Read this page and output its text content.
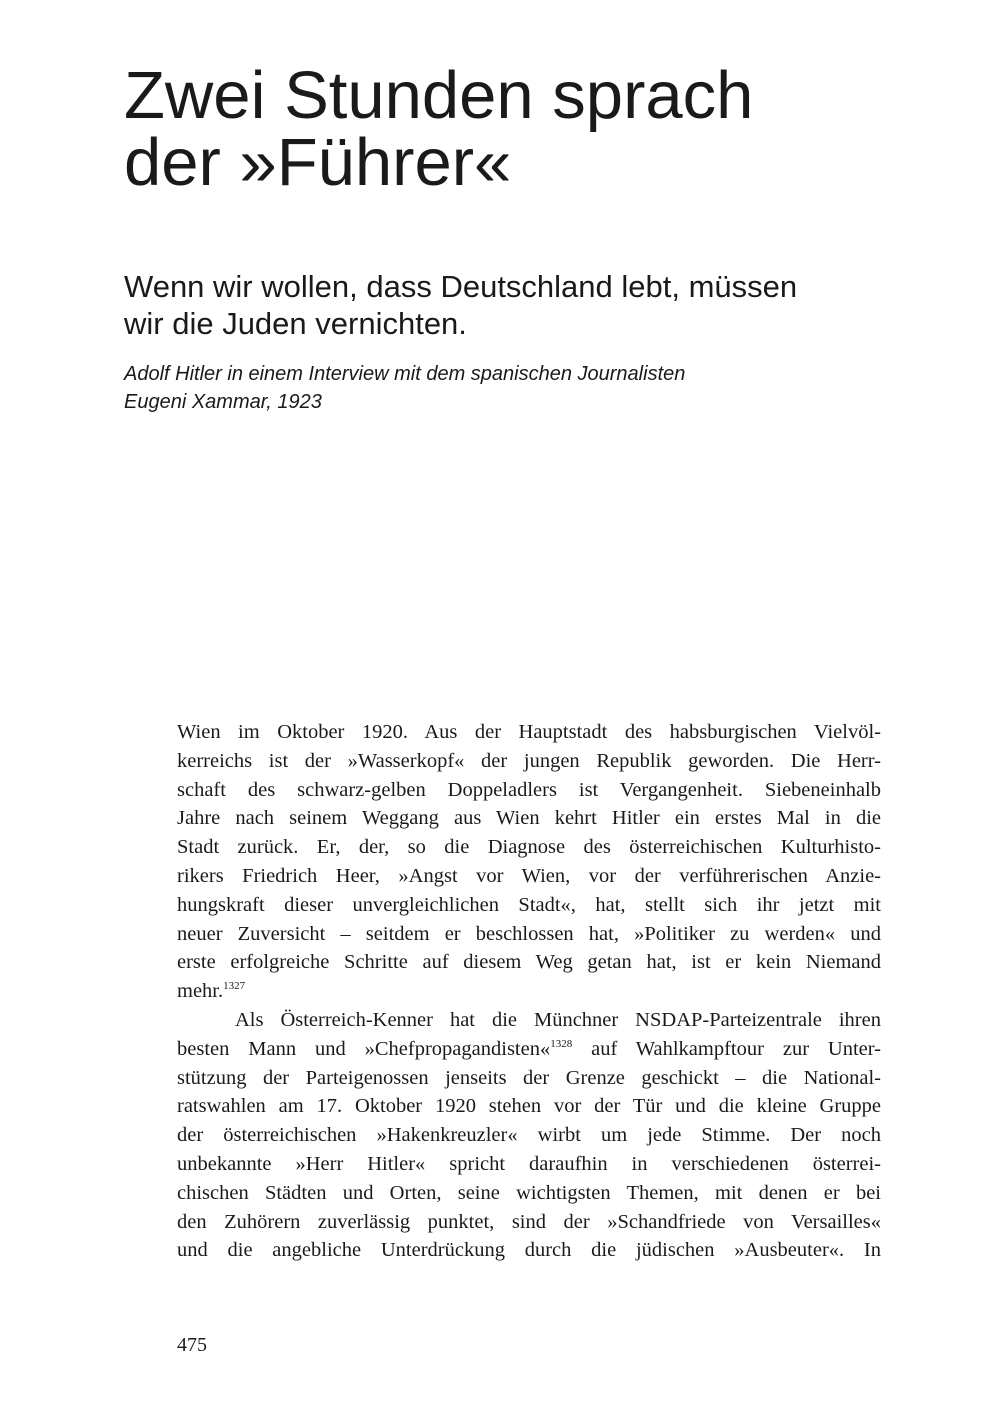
Zwei Stunden sprach
der »Führer«

Wenn wir wollen, dass Deutschland lebt, müssen
wir die Juden vernichten.

Adolf Hitler in einem Interview mit dem spanischen Journalisten
Eugeni Xammar, 1923

Wien im Oktober 1920. Aus der Hauptstadt des habsburgischen Vielvöl-
kerreichs ist der »Wasserkopf« der jungen Republik geworden. Die Herr-
schaft des schwarz-gelben Doppeladlers ist Vergangenheit. Siebeneinhalb
Jahre nach seinem Weggang aus Wien kehrt Hitler ein erstes Mal in die
Stadt zurück. Er, der, so die Diagnose des österreichischen Kulturhisto-
rikers Friedrich Heer, »Angst vor Wien, vor der verführerischen Anzie-
hungskraft dieser unvergleichlichen Stadt«, hat, stellt sich ihr jetzt mit
neuer Zuversicht – seitdem er beschlossen hat, »Politiker zu werden« und
erste erfolgreiche Schritte auf diesem Weg getan hat, ist er kein Niemand
mehr.$^{1327}$

Als Österreich-Kenner hat die Münchner NSDAP-Parteizentrale ihren
besten Mann und »Chefpropagandisten«$^{1328}$ auf Wahlkampftour zur Unter-
stützung der Parteigenossen jenseits der Grenze geschickt – die National-
ratswahlen am 17. Oktober 1920 stehen vor der Tür und die kleine Gruppe
der österreichischen »Hakenkreuzler« wirbt um jede Stimme. Der noch
unbekannte »Herr Hitler« spricht daraufhin in verschiedenen österrei-
chischen Städten und Orten, seine wichtigsten Themen, mit denen er bei
den Zuhörern zuverlässig punktet, sind der »Schandfriede von Versailles«
und die angebliche Unterdrückung durch die jüdischen »Ausbeuter«. In

475
